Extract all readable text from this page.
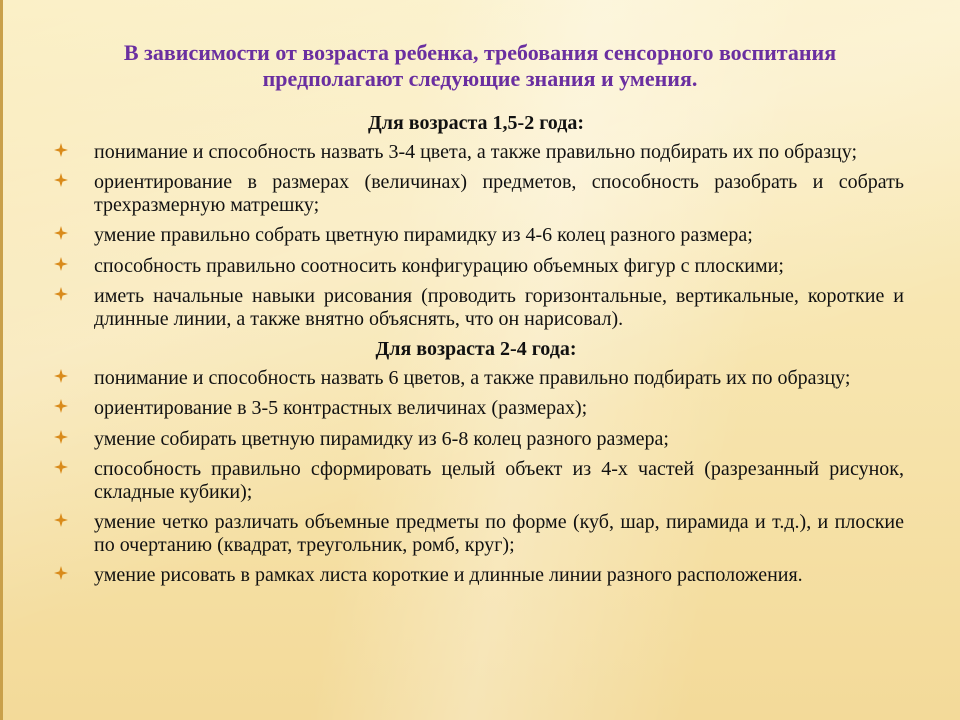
В зависимости от возраста ребенка, требования сенсорного воспитания предполагают следующие знания и умения.
Для возраста 1,5-2 года:
понимание и способность назвать 3-4 цвета, а также правильно подбирать их по образцу;
ориентирование в размерах (величинах) предметов, способность разобрать и собрать трехразмерную матрешку;
умение правильно собрать цветную пирамидку из 4-6 колец разного размера;
способность правильно соотносить конфигурацию объемных фигур с плоскими;
иметь начальные навыки рисования (проводить горизонтальные, вертикальные, короткие и длинные линии, а также внятно объяснять, что он нарисовал).
Для возраста 2-4 года:
понимание и способность назвать 6 цветов, а также правильно подбирать их по образцу;
ориентирование в 3-5 контрастных величинах (размерах);
умение собирать цветную пирамидку из 6-8 колец разного размера;
способность правильно сформировать целый объект из 4-х частей (разрезанный рисунок, складные кубики);
умение четко различать объемные предметы по форме (куб, шар, пирамида и т.д.), и плоские по очертанию (квадрат, треугольник, ромб, круг);
умение рисовать в рамках листа короткие и длинные линии разного расположения.
